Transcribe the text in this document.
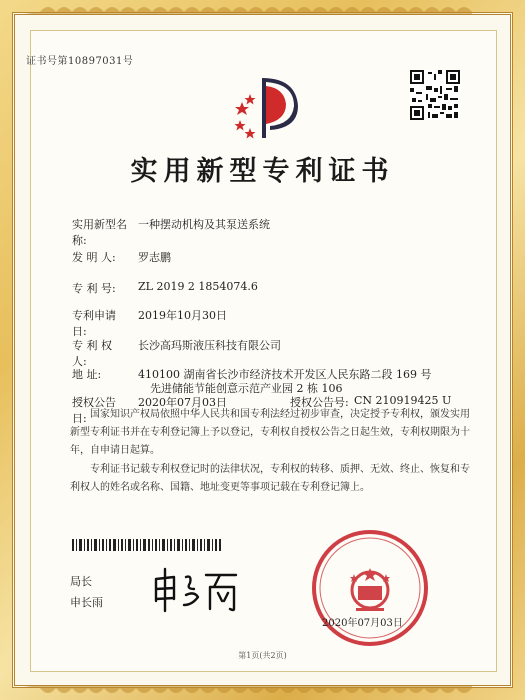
证书号第10897031号
实用新型专利证书
实用新型名称:
一种摆动机构及其泵送系统
发 明 人: 罗志鹏
专 利 号: ZL 2019 2 1854074.6
专利申请日:
2019年10月30日
专 利 权 人:
长沙高玛斯液压科技有限公司
地 址:	410100 湖南省长沙市经济技术开发区人民东路二段 169 号
先进储能节能创意示范产业园 2 栋 106
授权公告日:
2020年07月03日	授权公告号: CN 210919425 U
国家知识产权局依照中华人民共和国专利法经过初步审查，决定授予专利权，颁发实用新型专利证书并在专利登记簿上予以登记，专利权自授权公告之日起生效，专利权期限为十年，自申请日起算。
专利证书记载专利权登记时的法律状况，专利权的转移、质押、无效、终止、恢复和专利权人的姓名或名称、国籍、地址变更等事项记载在专利登记簿上。
局长
申长雨
2020年07月03日
第1页(共2页)
